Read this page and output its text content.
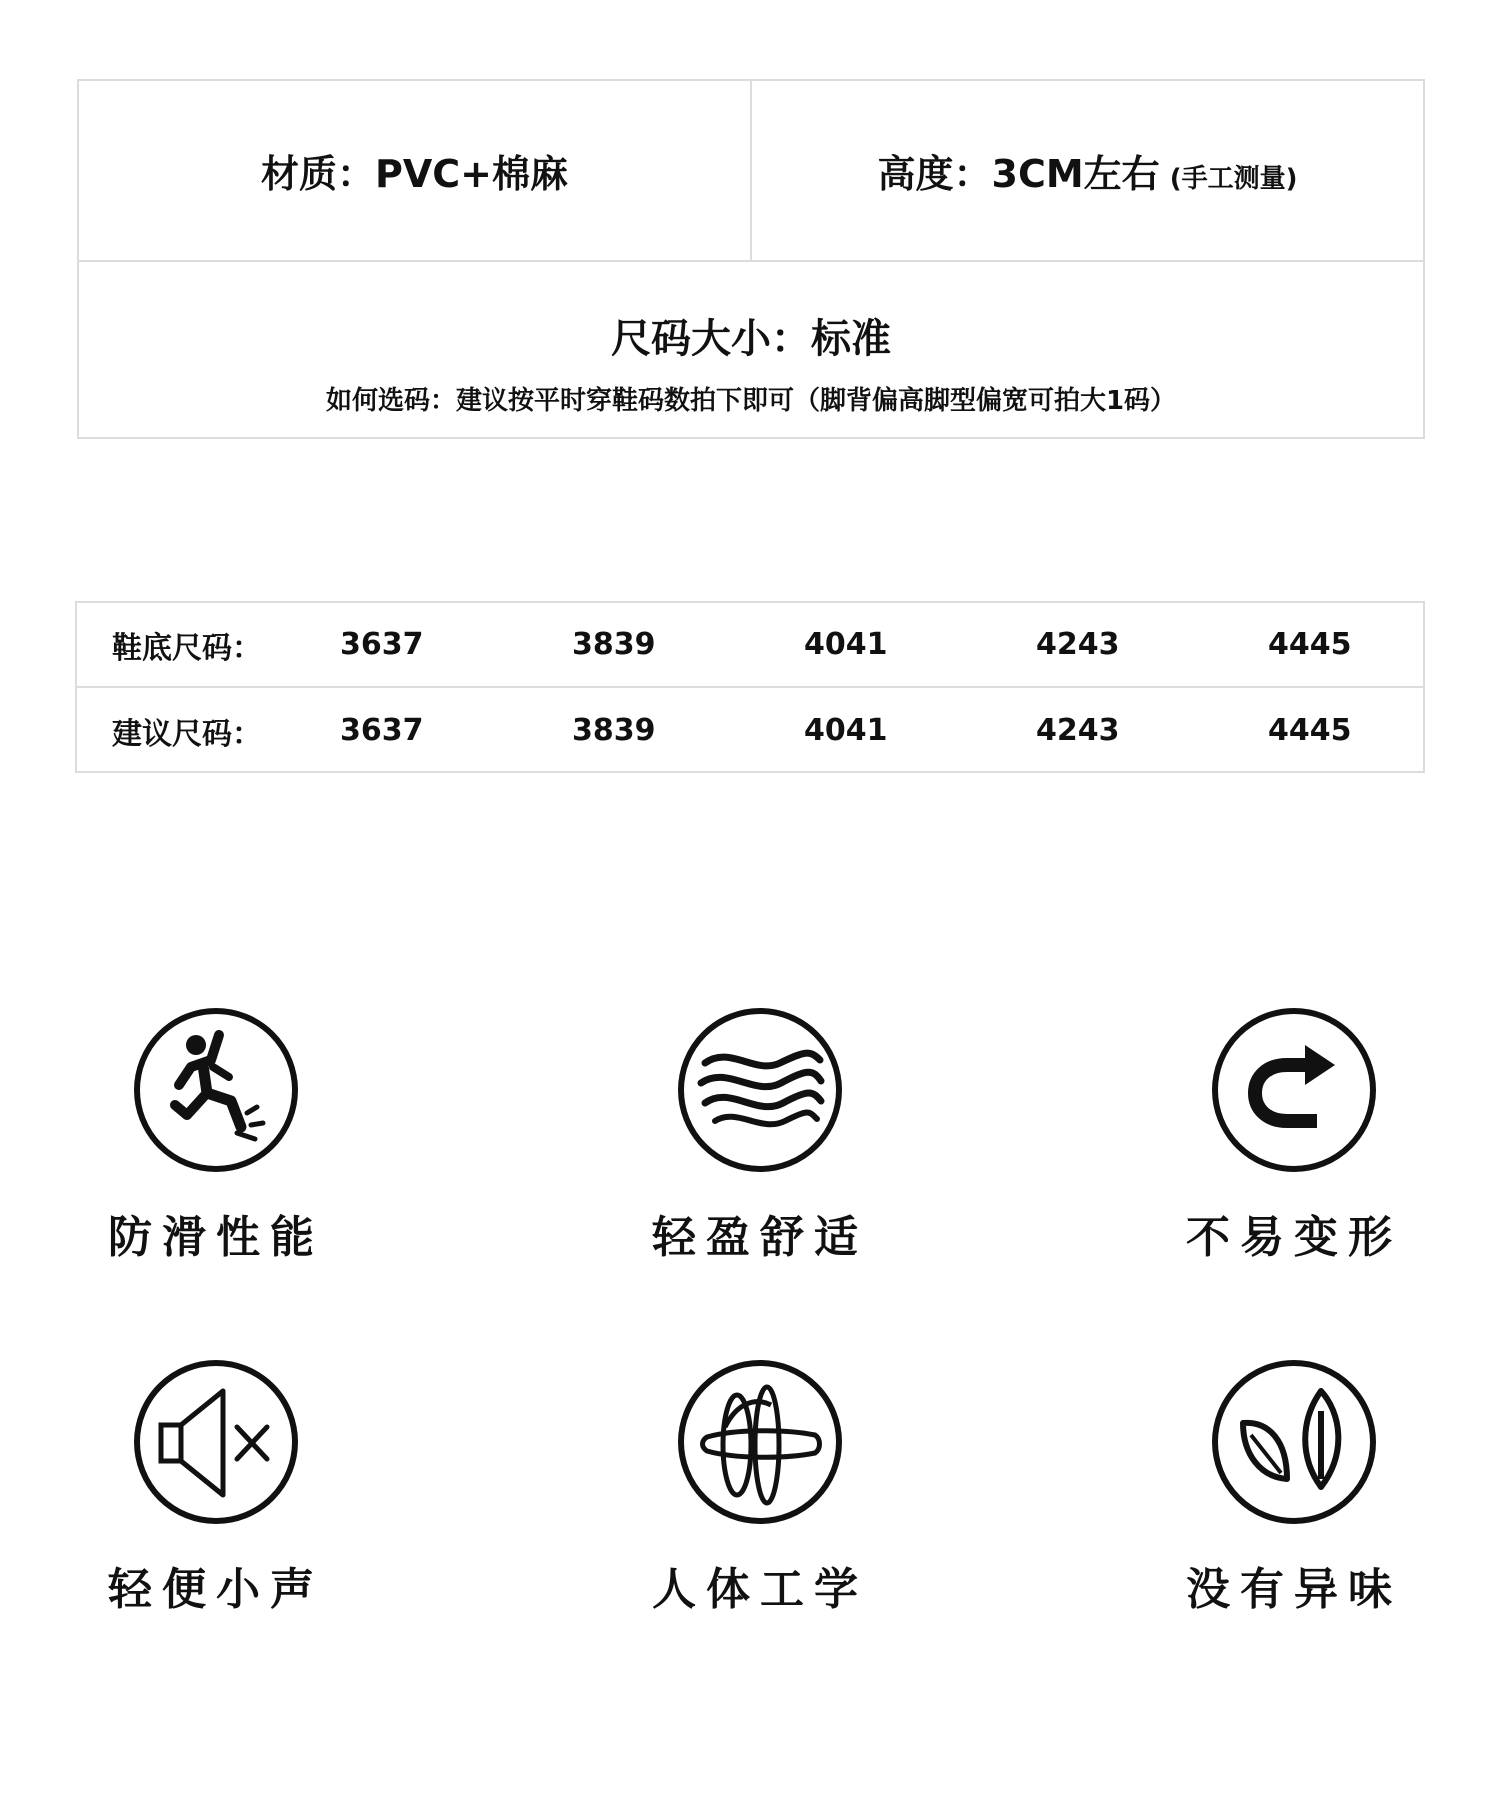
材质：PVC+棉麻	高度：3CM左右 (手工测量)
尺码大小：标准
如何选码：建议按平时穿鞋码数拍下即可（脚背偏高脚型偏宽可拍大1码）
鞋底尺码：	3637	3839	4041	4243	4445
建议尺码：	3637	3839	4041	4243	4445
防滑性能	轻盈舒适	不易变形
轻便小声	人体工学	没有异味
